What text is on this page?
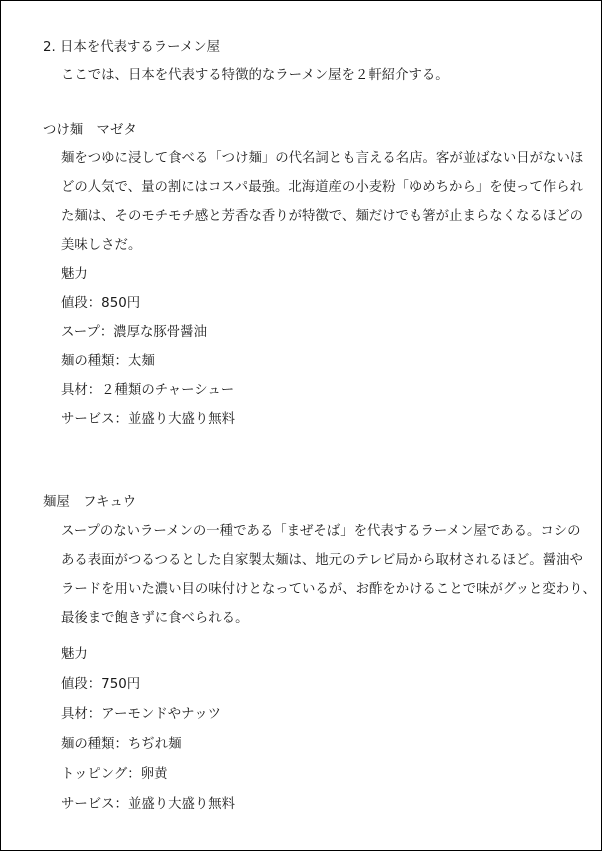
2. 日本を代表するラーメン屋

ここでは、日本を代表する特徴的なラーメン屋を２軒紹介する。

つけ麺　マゼタ

麺をつゆに浸して食べる「つけ麺」の代名詞とも言える名店。客が並ばない日がないほ

どの人気で、量の割にはコスパ最強。北海道産の小麦粉「ゆめちから」を使って作られ

た麺は、そのモチモチ感と芳香な香りが特徴で、麺だけでも箸が止まらなくなるほどの

美味しさだ。

魅力

値段：850円

スープ：濃厚な豚骨醤油

麺の種類：太麺

具材：２種類のチャーシュー

サービス：並盛り大盛り無料

麺屋　フキュウ

スープのないラーメンの一種である「まぜそば」を代表するラーメン屋である。コシの

ある表面がつるつるとした自家製太麺は、地元のテレビ局から取材されるほど。醤油や

ラードを用いた濃い目の味付けとなっているが、お酢をかけることで味がグッと変わり、

最後まで飽きずに食べられる。

魅力

値段：750円

具材：アーモンドやナッツ

麺の種類：ちぢれ麺

トッピング：卵黄

サービス：並盛り大盛り無料
